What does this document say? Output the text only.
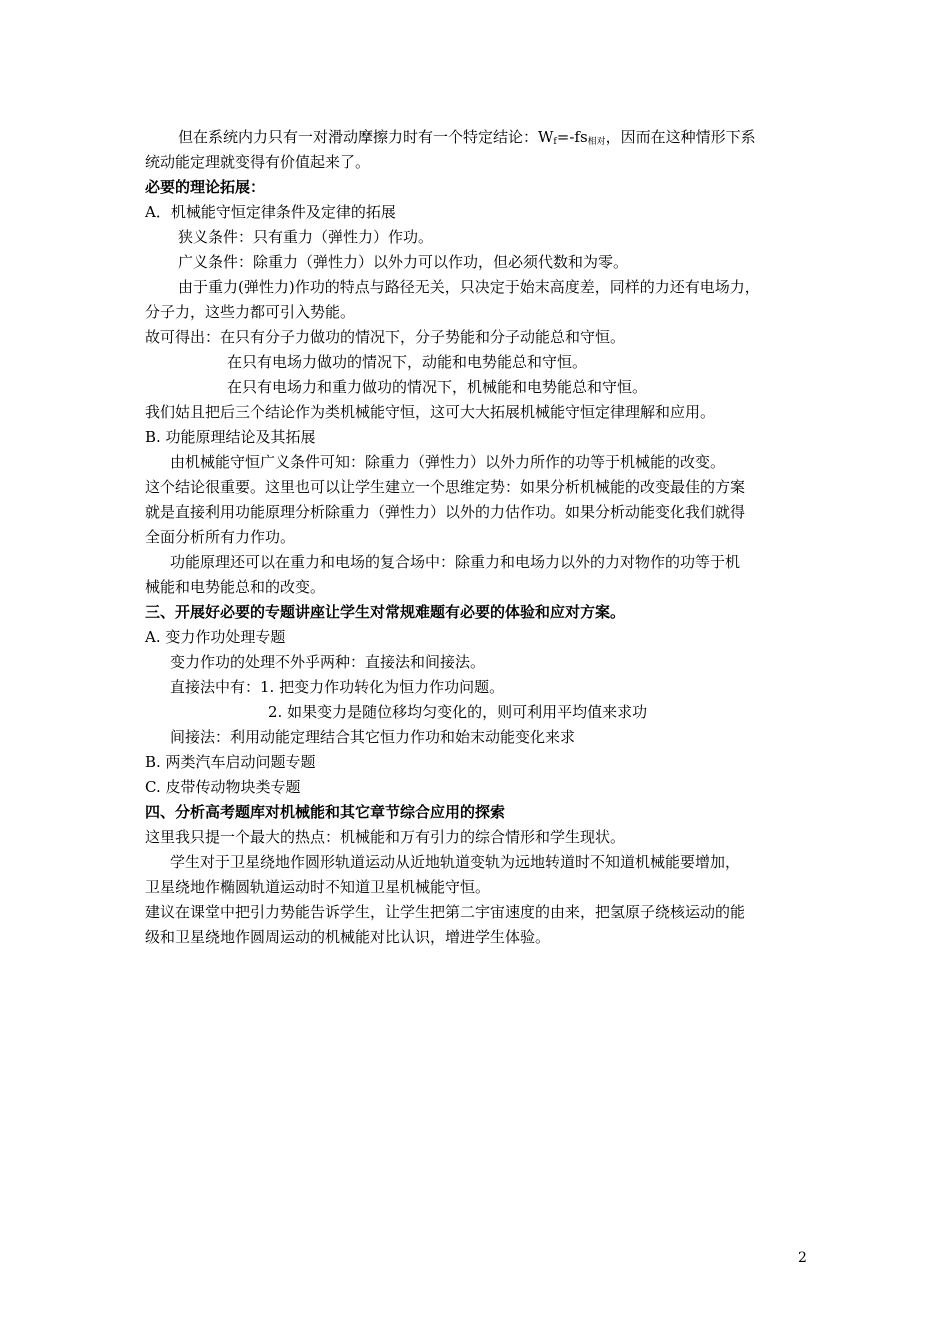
但在系统内力只有一对滑动摩擦力时有一个特定结论：$W_f=-fs_{相对}$，因而在这种情形下系
统动能定理就变得有价值起来了。
必要的理论拓展：
A．机械能守恒定律条件及定律的拓展
狭义条件：只有重力（弹性力）作功。
广义条件：除重力（弹性力）以外力可以作功，但必须代数和为零。
由于重力(弹性力)作功的特点与路径无关，只决定于始末高度差，同样的力还有电场力，
分子力，这些力都可引入势能。
故可得出：在只有分子力做功的情况下，分子势能和分子动能总和守恒。
在只有电场力做功的情况下，动能和电势能总和守恒。
在只有电场力和重力做功的情况下，机械能和电势能总和守恒。
我们姑且把后三个结论作为类机械能守恒，这可大大拓展机械能守恒定律理解和应用。
B. 功能原理结论及其拓展
由机械能守恒广义条件可知：除重力（弹性力）以外力所作的功等于机械能的改变。
这个结论很重要。这里也可以让学生建立一个思维定势：如果分析机械能的改变最佳的方案
就是直接利用功能原理分析除重力（弹性力）以外的力估作功。如果分析动能变化我们就得
全面分析所有力作功。
功能原理还可以在重力和电场的复合场中：除重力和电场力以外的力对物作的功等于机
械能和电势能总和的改变。
三、开展好必要的专题讲座让学生对常规难题有必要的体验和应对方案。
A. 变力作功处理专题
变力作功的处理不外乎两种：直接法和间接法。
直接法中有：1. 把变力作功转化为恒力作功问题。
2. 如果变力是随位移均匀变化的，则可利用平均值来求功
间接法：利用动能定理结合其它恒力作功和始末动能变化来求
B. 两类汽车启动问题专题
C. 皮带传动物块类专题
四、分析高考题库对机械能和其它章节综合应用的探索
这里我只提一个最大的热点：机械能和万有引力的综合情形和学生现状。
学生对于卫星绕地作圆形轨道运动从近地轨道变轨为远地转道时不知道机械能要增加，
卫星绕地作椭圆轨道运动时不知道卫星机械能守恒。
建议在课堂中把引力势能告诉学生，让学生把第二宇宙速度的由来，把氢原子绕核运动的能
级和卫星绕地作圆周运动的机械能对比认识，增进学生体验。
2
